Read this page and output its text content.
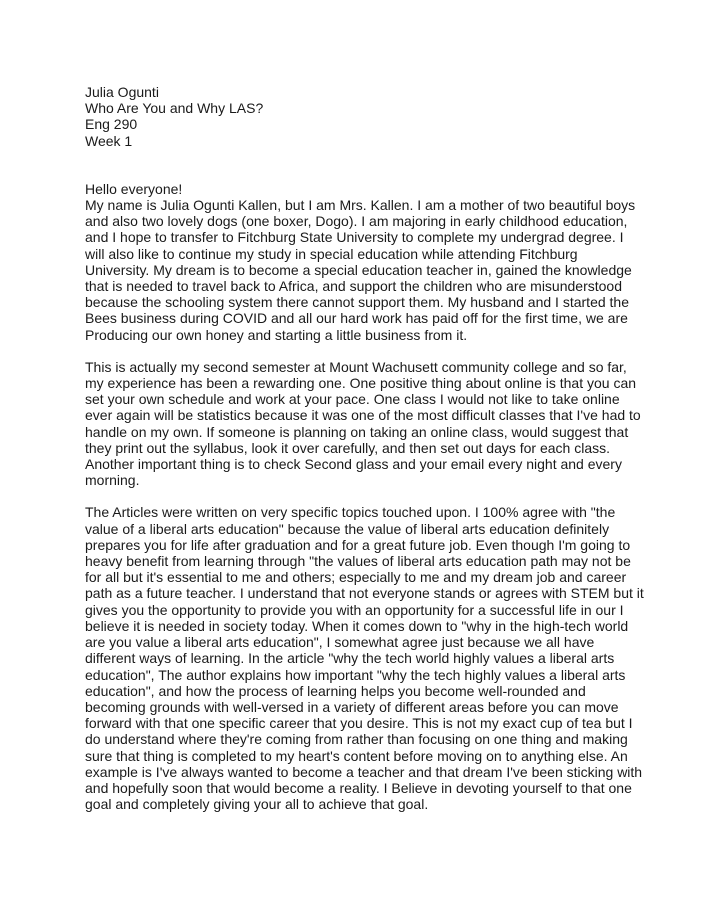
Julia Ogunti
Who Are You and Why LAS?
Eng 290
Week 1
Hello everyone!
My name is Julia Ogunti Kallen, but I am Mrs. Kallen. I am a mother of two beautiful boys and also two lovely dogs (one boxer, Dogo). I am majoring in early childhood education, and I hope to transfer to Fitchburg State University to complete my undergrad degree. I will also like to continue my study in special education while attending Fitchburg University. My dream is to become a special education teacher in, gained the knowledge that is needed to travel back to Africa, and support the children who are misunderstood because the schooling system there cannot support them. My husband and I started the Bees business during COVID and all our hard work has paid off for the first time, we are Producing our own honey and starting a little business from it.

This is actually my second semester at Mount Wachusett community college and so far, my experience has been a rewarding one. One positive thing about online is that you can set your own schedule and work at your pace. One class I would not like to take online ever again will be statistics because it was one of the most difficult classes that I've had to handle on my own. If someone is planning on taking an online class, would suggest that they print out the syllabus, look it over carefully, and then set out days for each class. Another important thing is to check Second glass and your email every night and every morning.

The Articles were written on very specific topics touched upon. I 100% agree with "the value of a liberal arts education" because the value of liberal arts education definitely prepares you for life after graduation and for a great future job. Even though I'm going to heavy benefit from learning through "the values of liberal arts education path may not be for all but it's essential to me and others; especially to me and my dream job and career path as a future teacher. I understand that not everyone stands or agrees with STEM but it gives you the opportunity to provide you with an opportunity for a successful life in our I believe it is needed in society today. When it comes down to "why in the high-tech world are you value a liberal arts education", I somewhat agree just because we all have different ways of learning. In the article "why the tech world highly values a liberal arts education", The author explains how important "why the tech highly values a liberal arts education", and how the process of learning helps you become well-rounded and becoming grounds with well-versed in a variety of different areas before you can move forward with that one specific career that you desire. This is not my exact cup of tea but I do understand where they're coming from rather than focusing on one thing and making sure that thing is completed to my heart's content before moving on to anything else. An example is I've always wanted to become a teacher and that dream I've been sticking with and hopefully soon that would become a reality. I Believe in devoting yourself to that one goal and completely giving your all to achieve that goal.
